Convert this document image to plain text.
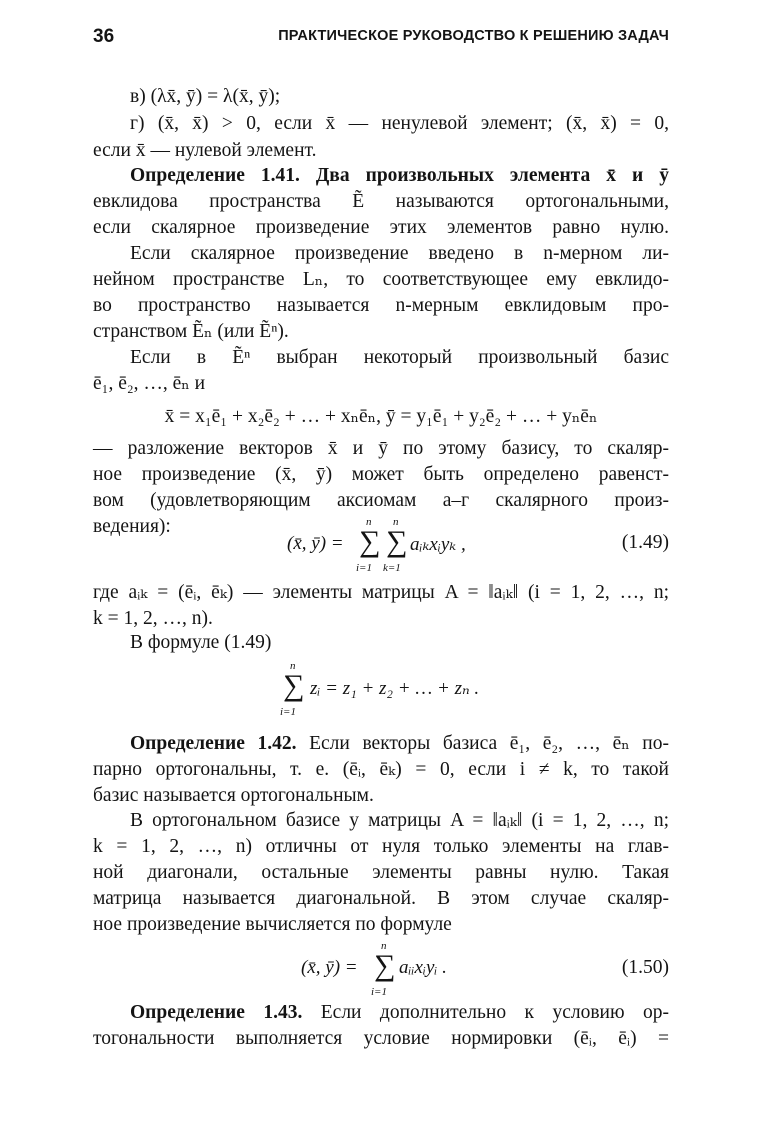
36	ПРАКТИЧЕСКОЕ РУКОВОДСТВО К РЕШЕНИЮ ЗАДАЧ
в) (λx̄, ȳ) = λ(x̄, ȳ);
г) (x̄, x̄) > 0, если x̄ — ненулевой элемент; (x̄, x̄) = 0,
если x̄ — нулевой элемент.
Определение 1.41. Два произвольных элемента x̄ и ȳ
евклидова пространства Ẽ называются ортогональными,
если скалярное произведение этих элементов равно нулю.
Если скалярное произведение введено в n-мерном ли-
нейном пространстве Lₙ, то соответствующее ему евклидо-
во пространство называется n-мерным евклидовым про-
странством Ẽₙ (или Ẽⁿ).
Если в Ẽⁿ выбран некоторый произвольный базис
ē₁, ē₂, …, ēₙ и
x̄ = x₁ē₁ + x₂ē₂ + … + xₙēₙ, ȳ = y₁ē₁ + y₂ē₂ + … + yₙēₙ
— разложение векторов x̄ и ȳ по этому базису, то скаляр-
ное произведение (x̄, ȳ) может быть определено равенст-
вом (удовлетворяющим аксиомам а–г скалярного произ-
ведения):
(x̄, ȳ) =
n
∑
i=1
n
∑
k=1
aᵢₖxᵢyₖ ,	(1.49)
где aᵢₖ = (ēᵢ, ēₖ) — элементы матрицы A = ‖aᵢₖ‖ (i = 1, 2, …, n;
k = 1, 2, …, n).
В формуле (1.49)
n
∑
i=1
zᵢ = z₁ + z₂ + … + zₙ .
Определение 1.42. Если векторы базиса ē₁, ē₂, …, ēₙ по-
парно ортогональны, т. е. (ēᵢ, ēₖ) = 0, если i ≠ k, то такой
базис называется ортогональным.
В ортогональном базисе у матрицы A = ‖aᵢₖ‖ (i = 1, 2, …, n;
k = 1, 2, …, n) отличны от нуля только элементы на глав-
ной диагонали, остальные элементы равны нулю. Такая
матрица называется диагональной. В этом случае скаляр-
ное произведение вычисляется по формуле
(x̄, ȳ) =
n
∑
i=1
aᵢᵢxᵢyᵢ .	(1.50)
Определение 1.43. Если дополнительно к условию ор-
тогональности выполняется условие нормировки (ēᵢ, ēᵢ) =
